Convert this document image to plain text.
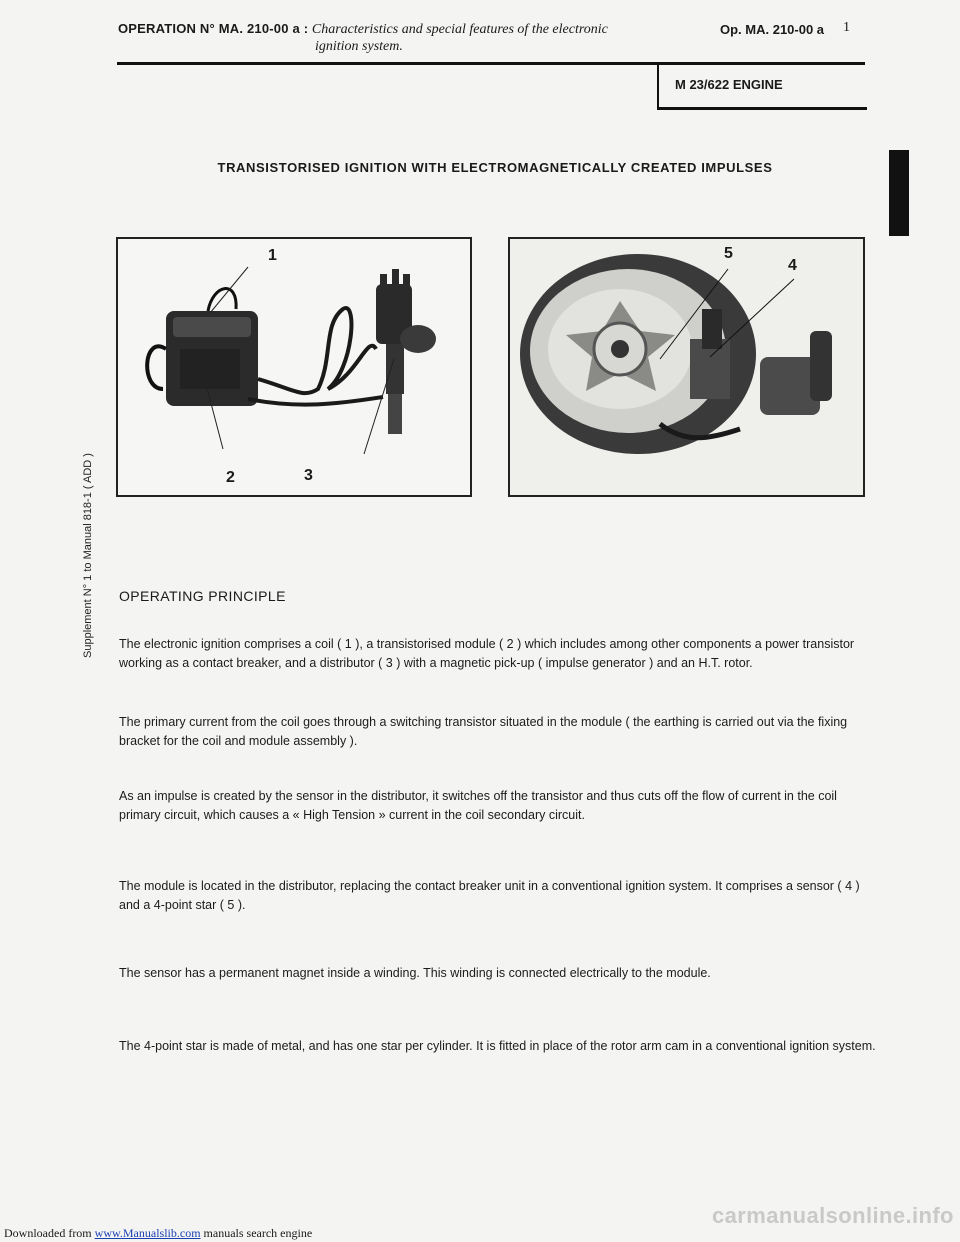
OPERATION N° MA. 210-00 a : Characteristics and special features of the electronic
ignition system.
Op. MA. 210-00 a 1
M 23/622 ENGINE
TRANSISTORISED IGNITION WITH ELECTROMAGNETICALLY CREATED IMPULSES
1
2	3
5
4
Supplement N° 1 to Manual 818-1 ( ADD ) OPERATING PRINCIPLE
The electronic ignition comprises a coil ( 1 ), a transistorised module ( 2 ) which includes among other components a power transistor working as a contact breaker, and a distributor ( 3 ) with a magnetic pick-up ( impulse generator ) and an H.T. rotor.
The primary current from the coil goes through a switching transistor situated in the module ( the earthing is carried out via the fixing bracket for the coil and module assembly ).
As an impulse is created by the sensor in the distributor, it switches off the transistor and thus cuts off the flow of current in the coil primary circuit, which causes a « High Tension » current in the coil secondary circuit.
The module is located in the distributor, replacing the contact breaker unit in a conventional ignition system. It comprises a sensor ( 4 ) and a 4-point star ( 5 ).
The sensor has a permanent magnet inside a winding. This winding is connected electrically to the module.
The 4-point star is made of metal, and has one star per cylinder. It is fitted in place of the rotor arm cam in a conventional ignition system.
Downloaded from www.Manualslib.com manuals search engine
carmanualsonline.info
